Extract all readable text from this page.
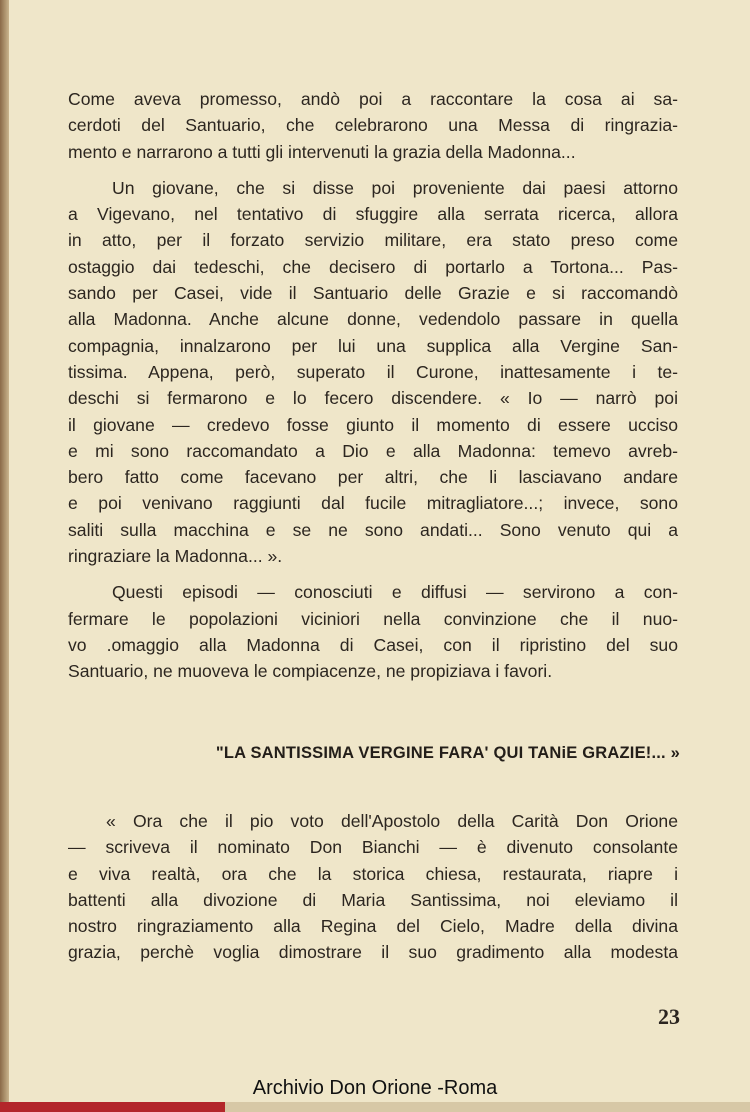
Come aveva promesso, andò poi a raccontare la cosa ai sa-
cerdoti del Santuario, che celebrarono una Messa di ringrazia-
mento e narrarono a tutti gli intervenuti la grazia della Madonna...
Un giovane, che si disse poi proveniente dai paesi attorno
a Vigevano, nel tentativo di sfuggire alla serrata ricerca, allora
in atto, per il forzato servizio militare, era stato preso come
ostaggio dai tedeschi, che decisero di portarlo a Tortona... Pas-
sando per Casei, vide il Santuario delle Grazie e si raccomandò
alla Madonna. Anche alcune donne, vedendolo passare in quella
compagnia, innalzarono per lui una supplica alla Vergine San-
tissima. Appena, però, superato il Curone, inattesamente i te-
deschi si fermarono e lo fecero discendere. « Io — narrò poi
il giovane — credevo fosse giunto il momento di essere ucciso
e mi sono raccomandato a Dio e alla Madonna: temevo avreb-
bero fatto come facevano per altri, che li lasciavano andare
e poi venivano raggiunti dal fucile mitragliatore...; invece, sono
saliti sulla macchina e se ne sono andati... Sono venuto qui a
ringraziare la Madonna... ».
Questi episodi — conosciuti e diffusi — servirono a con-
fermare le popolazioni viciniori nella convinzione che il nuo-
vo .omaggio alla Madonna di Casei, con il ripristino del suo
Santuario, ne muoveva le compiacenze, ne propiziava i favori.
"LA SANTISSIMA VERGINE FARA' QUI TANiE GRAZIE!... »
« Ora che il pio voto dell'Apostolo della Carità Don Orione
— scriveva il nominato Don Bianchi — è divenuto consolante
e viva realtà, ora che la storica chiesa, restaurata, riapre i
battenti alla divozione di Maria Santissima, noi eleviamo il
nostro ringraziamento alla Regina del Cielo, Madre della divina
grazia, perchè voglia dimostrare il suo gradimento alla modesta
23
Archivio Don Orione -Roma
